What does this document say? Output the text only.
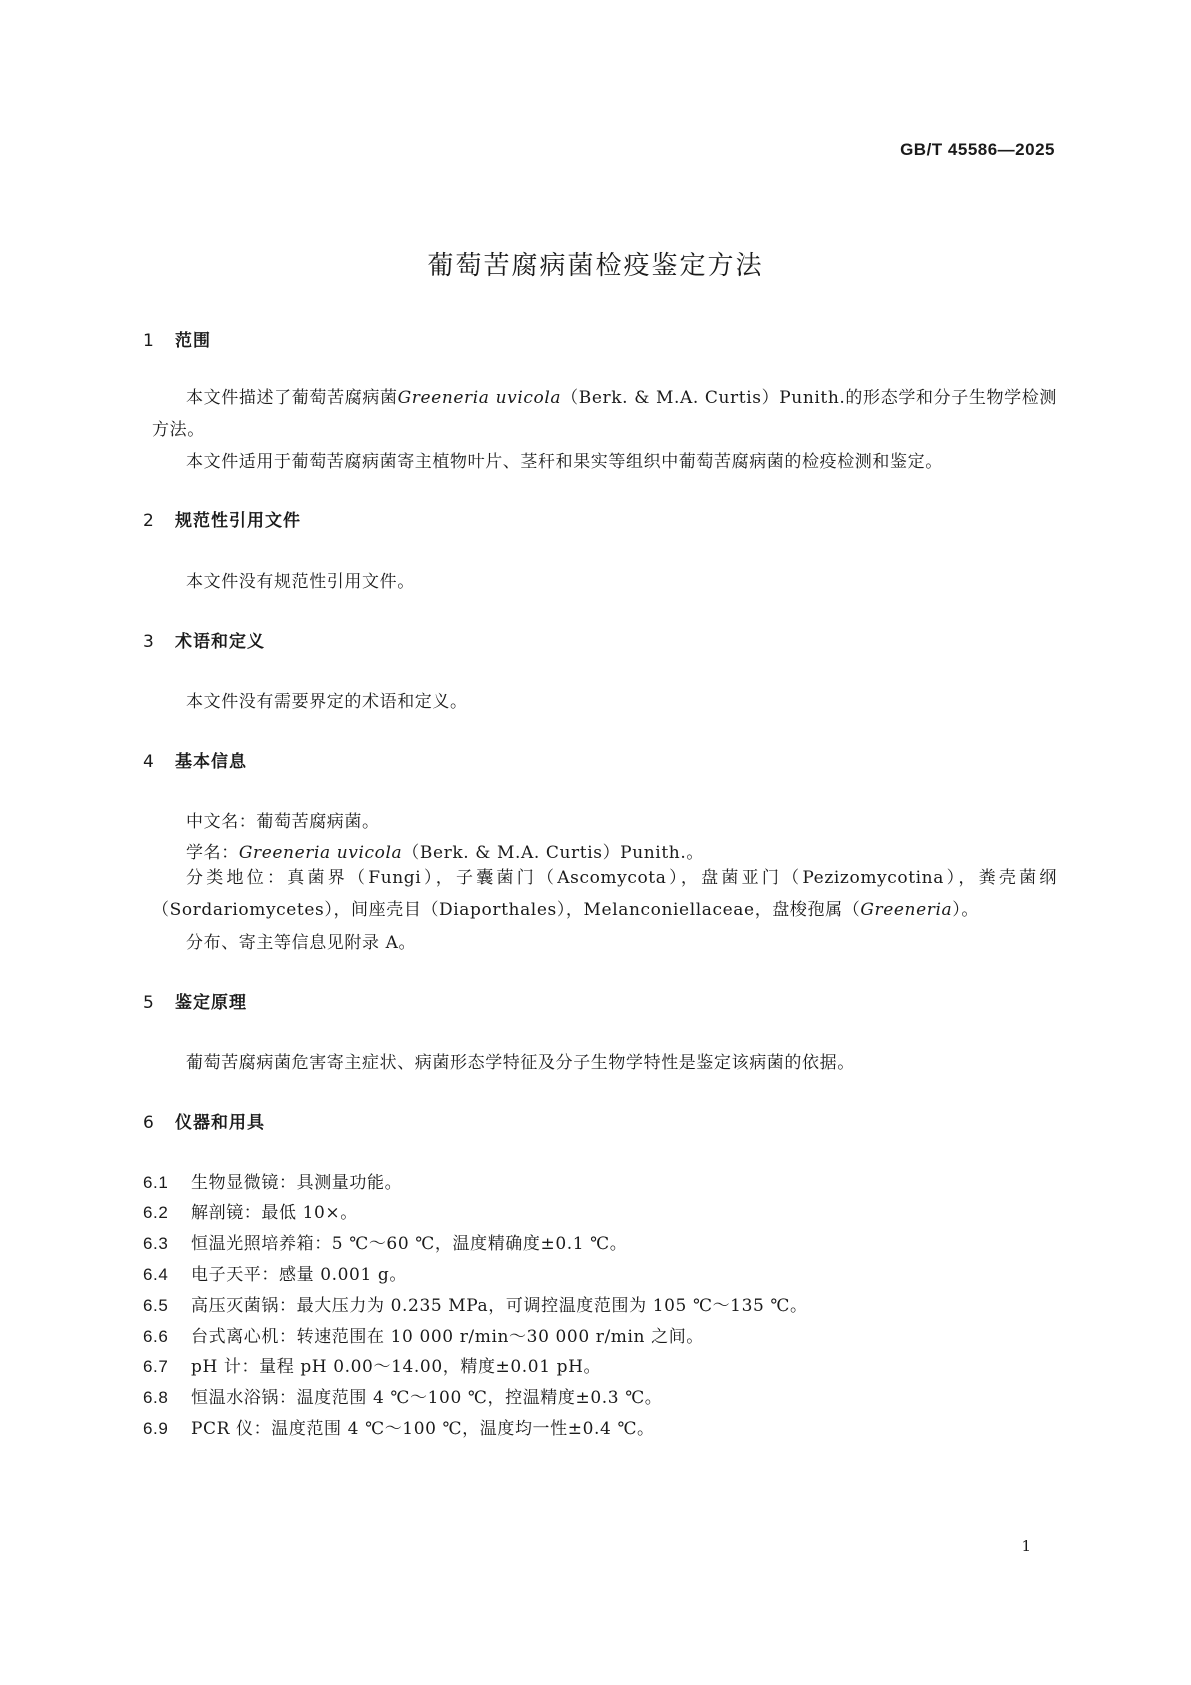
GB/T 45586—2025
葡萄苦腐病菌检疫鉴定方法
1 范围
本文件描述了葡萄苦腐病菌Greeneria uvicola（Berk. & M.A. Curtis）Punith.的形态学和分子生物学检测方法。
本文件适用于葡萄苦腐病菌寄主植物叶片、茎秆和果实等组织中葡萄苦腐病菌的检疫检测和鉴定。
2 规范性引用文件
本文件没有规范性引用文件。
3 术语和定义
本文件没有需要界定的术语和定义。
4 基本信息
中文名：葡萄苦腐病菌。
学名：Greeneria uvicola（Berk. & M.A. Curtis）Punith.。
分类地位：真菌界（Fungi），子囊菌门（Ascomycota），盘菌亚门（Pezizomycotina），粪壳菌纲（Sordariomycetes），间座壳目（Diaporthales），Melanconiellaceae，盘梭孢属（Greeneria）。
分布、寄主等信息见附录 A。
5 鉴定原理
葡萄苦腐病菌危害寄主症状、病菌形态学特征及分子生物学特性是鉴定该病菌的依据。
6 仪器和用具
6.1 生物显微镜：具测量功能。
6.2 解剖镜：最低 10×。
6.3 恒温光照培养箱：5 ℃～60 ℃，温度精确度±0.1 ℃。
6.4 电子天平：感量 0.001 g。
6.5 高压灭菌锅：最大压力为 0.235 MPa，可调控温度范围为 105 ℃～135 ℃。
6.6 台式离心机：转速范围在 10 000 r/min～30 000 r/min 之间。
6.7 pH 计：量程 pH 0.00～14.00，精度±0.01 pH。
6.8 恒温水浴锅：温度范围 4 ℃～100 ℃，控温精度±0.3 ℃。
6.9 PCR 仪：温度范围 4 ℃～100 ℃，温度均一性±0.4 ℃。
1
